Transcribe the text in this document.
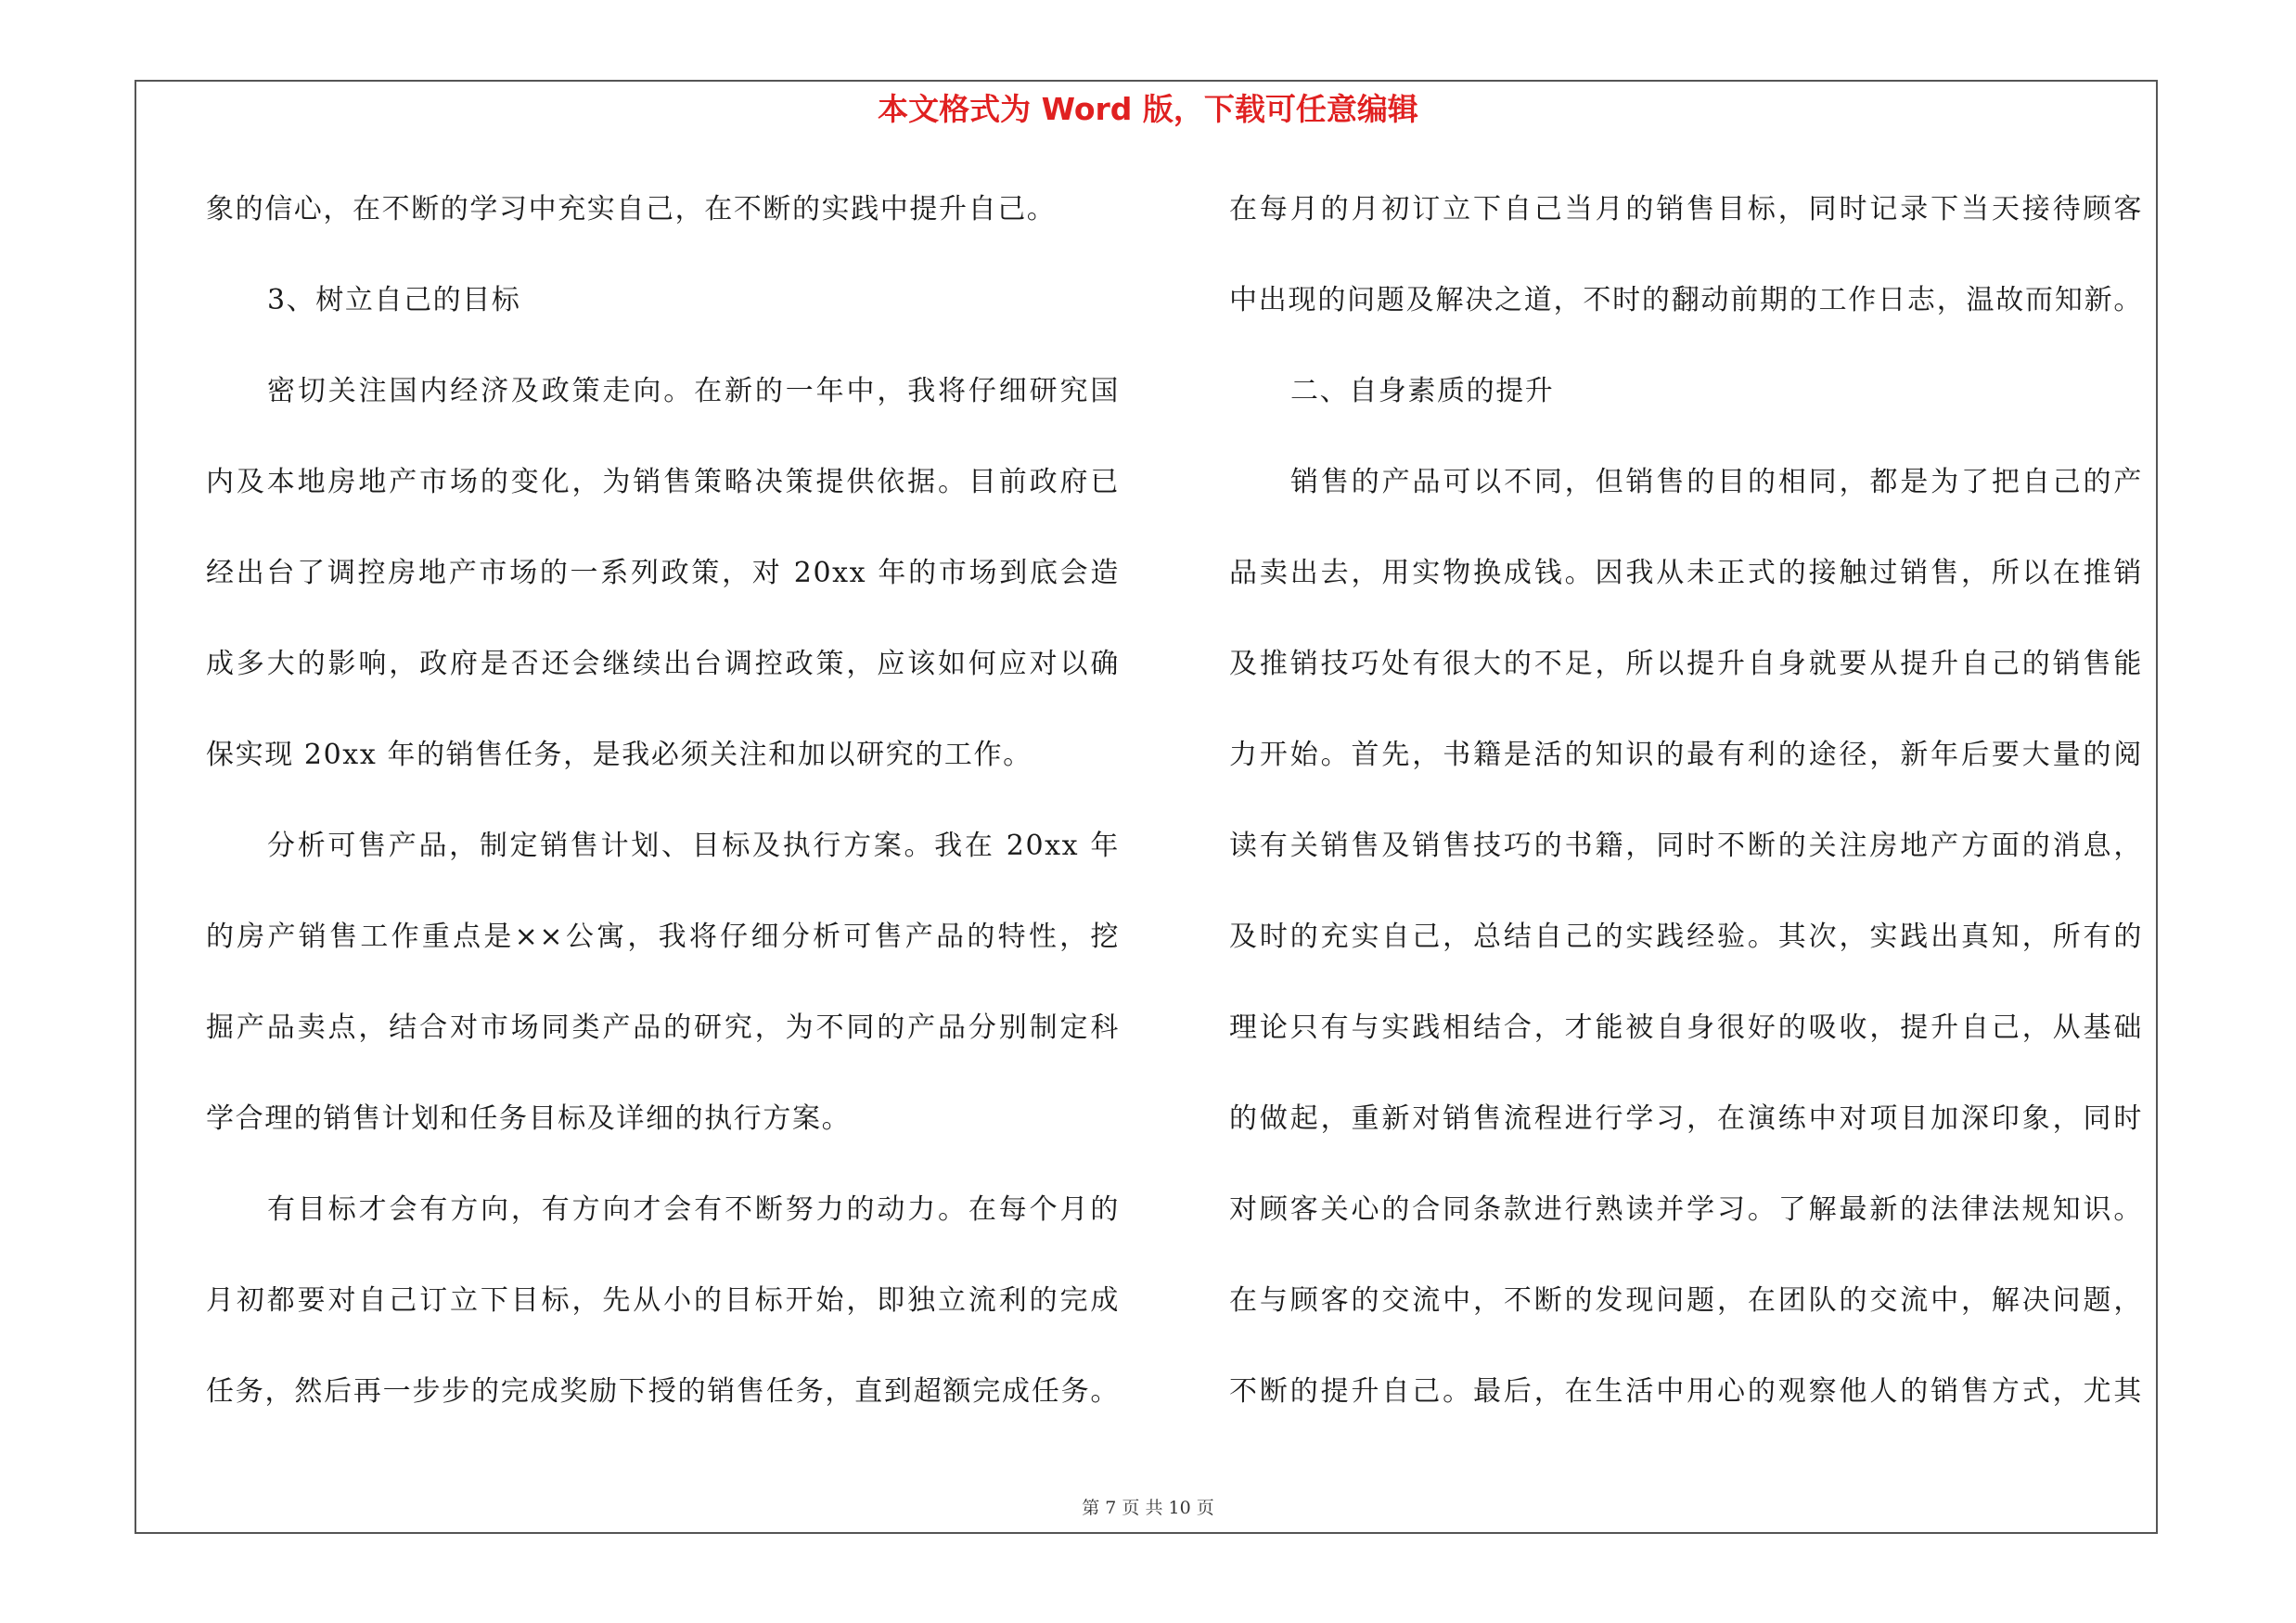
本文格式为 Word 版，下载可任意编辑
象的信心，在不断的学习中充实自己，在不断的实践中提升自己。
3、树立自己的目标
密切关注国内经济及政策走向。在新的一年中，我将仔细研究国
内及本地房地产市场的变化，为销售策略决策提供依据。目前政府已
经出台了调控房地产市场的一系列政策，对 20xx 年的市场到底会造
成多大的影响，政府是否还会继续出台调控政策，应该如何应对以确
保实现 20xx 年的销售任务，是我必须关注和加以研究的工作。
分析可售产品，制定销售计划、目标及执行方案。我在 20xx 年
的房产销售工作重点是××公寓，我将仔细分析可售产品的特性，挖
掘产品卖点，结合对市场同类产品的研究，为不同的产品分别制定科
学合理的销售计划和任务目标及详细的执行方案。
有目标才会有方向，有方向才会有不断努力的动力。在每个月的
月初都要对自己订立下目标，先从小的目标开始，即独立流利的完成
任务，然后再一步步的完成奖励下授的销售任务，直到超额完成任务。
在每月的月初订立下自己当月的销售目标，同时记录下当天接待顾客
中出现的问题及解决之道，不时的翻动前期的工作日志，温故而知新。
二、自身素质的提升
销售的产品可以不同，但销售的目的相同，都是为了把自己的产
品卖出去，用实物换成钱。因我从未正式的接触过销售，所以在推销
及推销技巧处有很大的不足，所以提升自身就要从提升自己的销售能
力开始。首先，书籍是活的知识的最有利的途径，新年后要大量的阅
读有关销售及销售技巧的书籍，同时不断的关注房地产方面的消息，
及时的充实自己，总结自己的实践经验。其次，实践出真知，所有的
理论只有与实践相结合，才能被自身很好的吸收，提升自己，从基础
的做起，重新对销售流程进行学习，在演练中对项目加深印象，同时
对顾客关心的合同条款进行熟读并学习。了解最新的法律法规知识。
在与顾客的交流中，不断的发现问题，在团队的交流中，解决问题，
不断的提升自己。最后，在生活中用心的观察他人的销售方式，尤其
第 7 页 共 10 页
